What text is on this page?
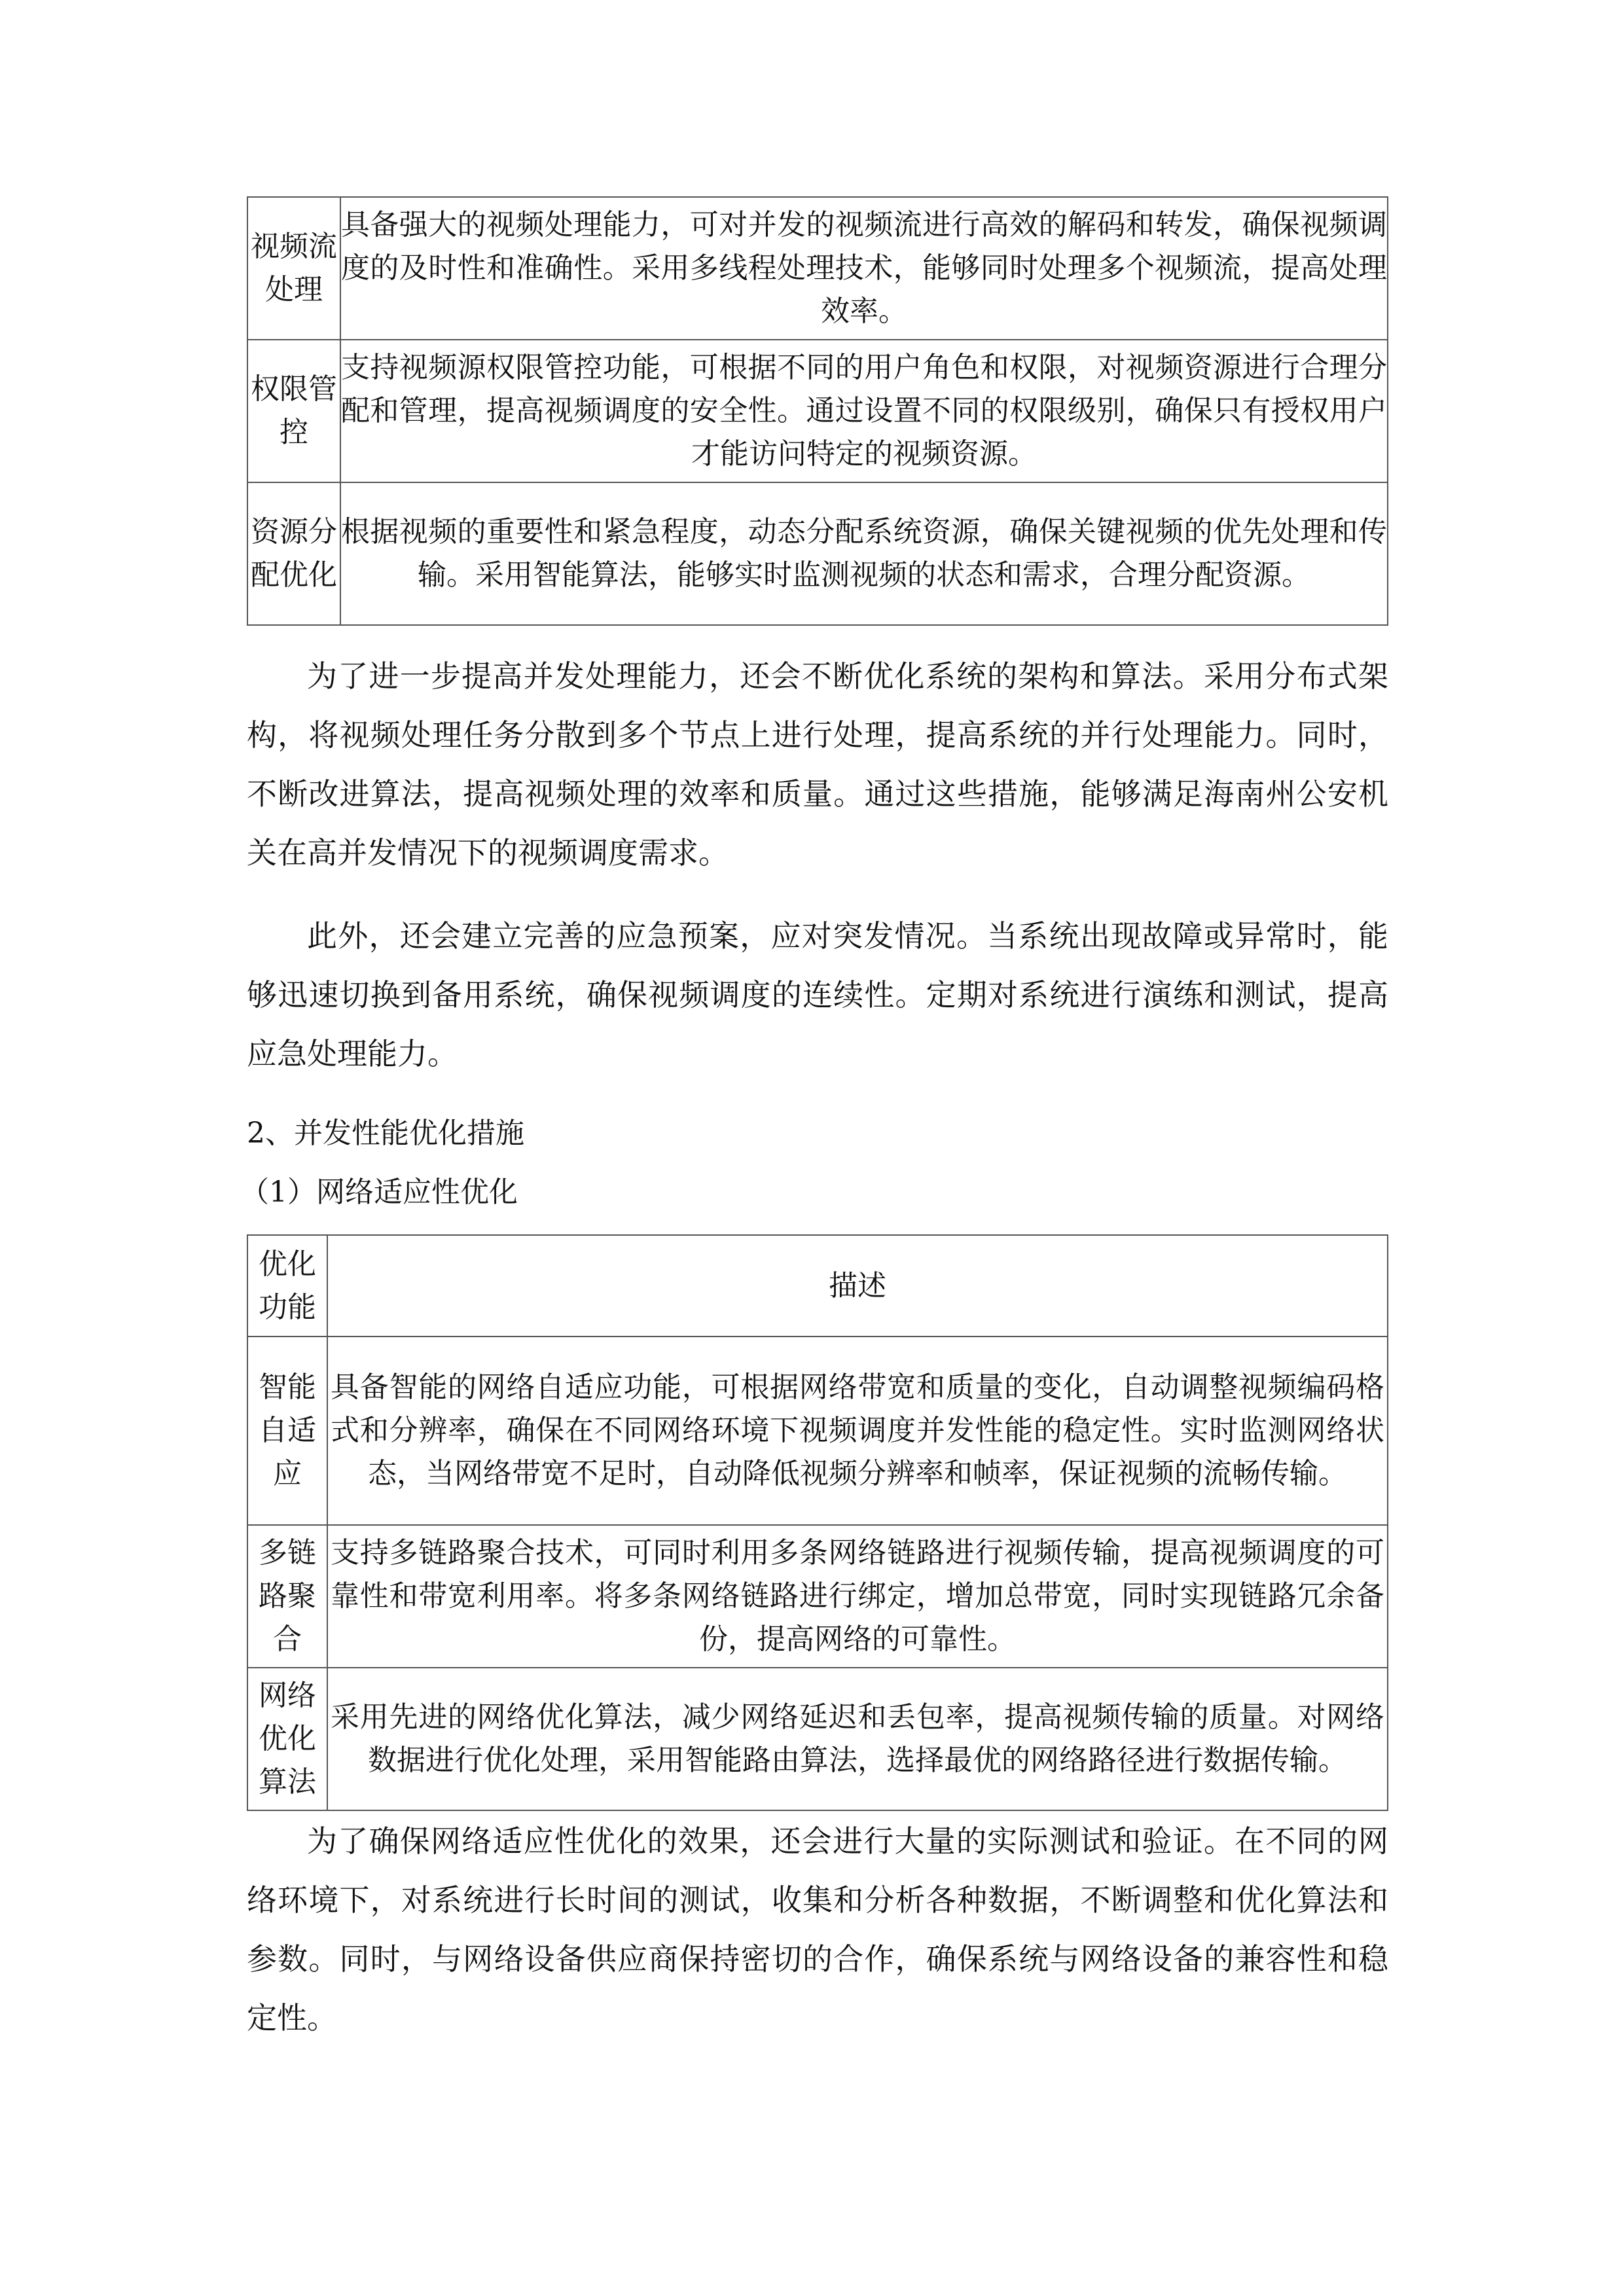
视频流处理	具备强大的视频处理能力，可对并发的视频流进行高效的解码和转发，确保视频调度的及时性和准确性。采用多线程处理技术，能够同时处理多个视频流，提高处理效率。
权限管控	支持视频源权限管控功能，可根据不同的用户角色和权限，对视频资源进行合理分配和管理，提高视频调度的安全性。通过设置不同的权限级别，确保只有授权用户才能访问特定的视频资源。
资源分配优化	根据视频的重要性和紧急程度，动态分配系统资源，确保关键视频的优先处理和传输。采用智能算法，能够实时监测视频的状态和需求，合理分配资源。

为了进一步提高并发处理能力，还会不断优化系统的架构和算法。采用分布式架构，将视频处理任务分散到多个节点上进行处理，提高系统的并行处理能力。同时，不断改进算法，提高视频处理的效率和质量。通过这些措施，能够满足海南州公安机关在高并发情况下的视频调度需求。

此外，还会建立完善的应急预案，应对突发情况。当系统出现故障或异常时，能够迅速切换到备用系统，确保视频调度的连续性。定期对系统进行演练和测试，提高应急处理能力。

2、并发性能优化措施
（1）网络适应性优化
优化功能	描述
智能自适应	具备智能的网络自适应功能，可根据网络带宽和质量的变化，自动调整视频编码格式和分辨率，确保在不同网络环境下视频调度并发性能的稳定性。实时监测网络状态，当网络带宽不足时，自动降低视频分辨率和帧率，保证视频的流畅传输。
多链路聚合	支持多链路聚合技术，可同时利用多条网络链路进行视频传输，提高视频调度的可靠性和带宽利用率。将多条网络链路进行绑定，增加总带宽，同时实现链路冗余备份，提高网络的可靠性。
网络优化算法	采用先进的网络优化算法，减少网络延迟和丢包率，提高视频传输的质量。对网络数据进行优化处理，采用智能路由算法，选择最优的网络路径进行数据传输。

为了确保网络适应性优化的效果，还会进行大量的实际测试和验证。在不同的网络环境下，对系统进行长时间的测试，收集和分析各种数据，不断调整和优化算法和参数。同时，与网络设备供应商保持密切的合作，确保系统与网络设备的兼容性和稳定性。
